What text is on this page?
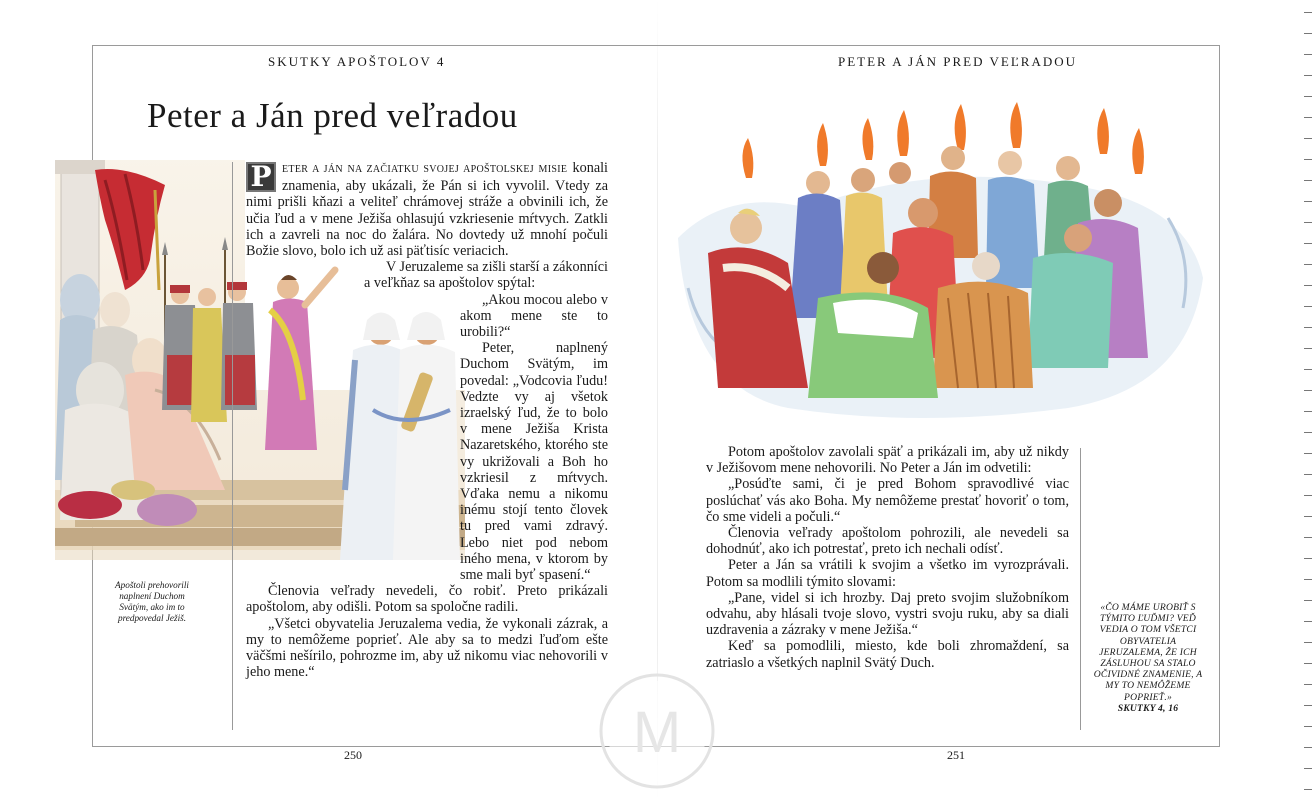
SKUTKY APOŠTOLOV 4
Peter a Ján pred veľradou
Apoštoli prehovorili naplnení Duchom Svätým, ako im to predpovedal Ježiš.
P	ETER A JÁN NA ZAČIATKU SVOJEJ APOŠTOLSKEJ MISIE konali znamenia, aby ukázali, že Pán si ich vyvolil. Vtedy za nimi prišli kňazi a veliteľ chrámovej stráže a obvinili ich, že učia ľud a v mene Ježiša ohlasujú vzkriesenie mŕtvych. Zatkli ich a zavreli na noc do žalára. No dovtedy už mnohí počuli Božie slovo, bolo ich už asi päťtisíc veriacich.

V Jeruzaleme sa zišli starší a zákonníci a veľkňaz sa apoštolov spýtal:

„Akou mocou alebo v akom mene ste to urobili?“

Peter, naplnený Duchom Svätým, im povedal: „Vodcovia ľudu! Vedzte vy aj všetok izraelský ľud, že to bolo v mene Ježiša Krista Nazaretského, ktorého ste vy ukrižovali a Boh ho vzkriesil z mŕtvych. Vďaka nemu a nikomu inému stojí tento človek tu pred vami zdravý. Lebo niet pod nebom iného mena, v ktorom by sme mali byť spasení.“

Členovia veľrady nevedeli, čo robiť. Preto prikázali apoštolom, aby odišli. Potom sa spoločne radili.

„Všetci obyvatelia Jeruzalema vedia, že vykonali zázrak, a my to nemôžeme poprieť. Ale aby sa to medzi ľuďom ešte väčšmi nešírilo, pohrozme im, aby už nikomu viac nehovorili v jeho mene.“

250
PETER A JÁN PRED VEĽRADOU

Potom apoštolov zavolali späť a prikázali im, aby už nikdy v Ježišovom mene nehovorili. No Peter a Ján im odvetili:

„Posúďte sami, či je pred Bohom spravodlivé viac poslúchať vás ako Boha. My nemôžeme prestať hovoriť o tom, čo sme videli a počuli.“

Členovia veľrady apoštolom pohrozili, ale nevedeli sa dohodnúť, ako ich potrestať, preto ich nechali odísť.

Peter a Ján sa vrátili k svojim a všetko im vyrozprávali. Potom sa modlili týmito slovami:

„Pane, videl si ich hrozby. Daj preto svojim služobníkom odvahu, aby hlásali tvoje slovo, vystri svoju ruku, aby sa diali uzdravenia a zázraky v mene Ježiša.“

Keď sa pomodlili, miesto, kde boli zhromaždení, sa zatriaslo a všetkých naplnil Svätý Duch.

«ČO MÁME UROBIŤ S TÝMITO ĽUĎMI? VEĎ VEDIA O TOM VŠETCI OBYVATELIA JERUZALEMA, ŽE ICH ZÁSLUHOU SA STALO OČIVIDNÉ ZNAMENIE, A MY TO NEMÔŽEME POPRIEŤ.»
SKUTKY 4, 16
251
M
